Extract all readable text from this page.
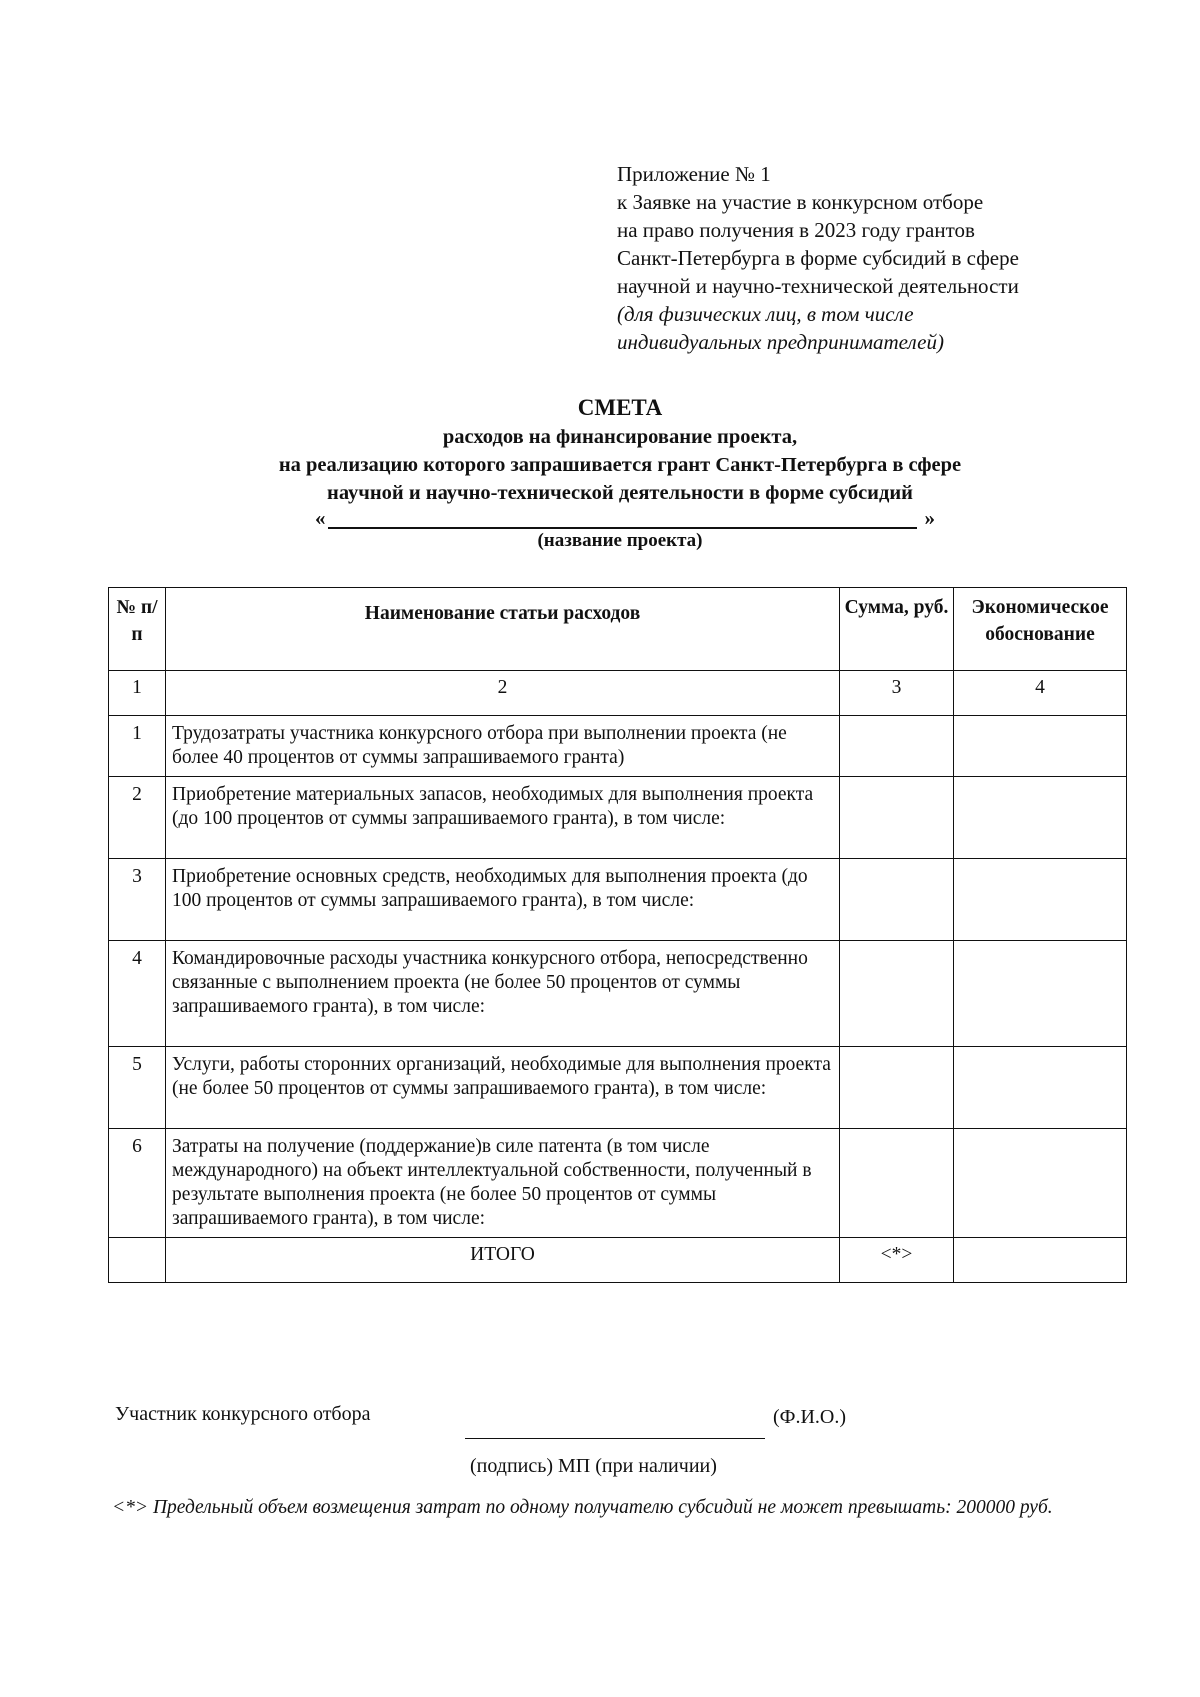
Приложение № 1
к Заявке на участие в конкурсном отборе
на право получения в 2023 году грантов
Санкт-Петербурга в форме субсидий в сфере
научной и научно-технической деятельности
(для физических лиц, в том числе
индивидуальных предпринимателей)
СМЕТА
расходов на финансирование проекта,
на реализацию которого запрашивается грант Санкт-Петербурга в сфере
научной и научно-технической деятельности в форме субсидий
«	»
(название проекта)
№ п/п	Наименование статьи расходов	Сумма, руб.	Экономическое обоснование
1	2	3	4
1	Трудозатраты участника конкурсного отбора при выполнении проекта (не более 40 процентов от суммы запрашиваемого гранта)		
2	Приобретение материальных запасов, необходимых для выполнения проекта (до 100 процентов от суммы запрашиваемого гранта), в том числе:		
3	Приобретение основных средств, необходимых для выполнения проекта (до 100 процентов от суммы запрашиваемого гранта), в том числе:		
4	Командировочные расходы участника конкурсного отбора, непосредственно связанные с выполнением проекта (не более 50 процентов от суммы запрашиваемого гранта), в том числе:		
5	Услуги, работы сторонних организаций, необходимые для выполнения проекта (не более 50 процентов от суммы запрашиваемого гранта), в том числе:		
6	Затраты на получение (поддержание)в силе патента (в том числе международного) на объект интеллектуальной собственности, полученный в результате выполнения проекта (не более 50 процентов от суммы запрашиваемого гранта), в том числе:		
	ИТОГО	<*>	
Участник конкурсного отбора	(Ф.И.О.)
(подпись) МП (при наличии)
<*> Предельный объем возмещения затрат по одному получателю субсидий не может превышать: 200000 руб.
